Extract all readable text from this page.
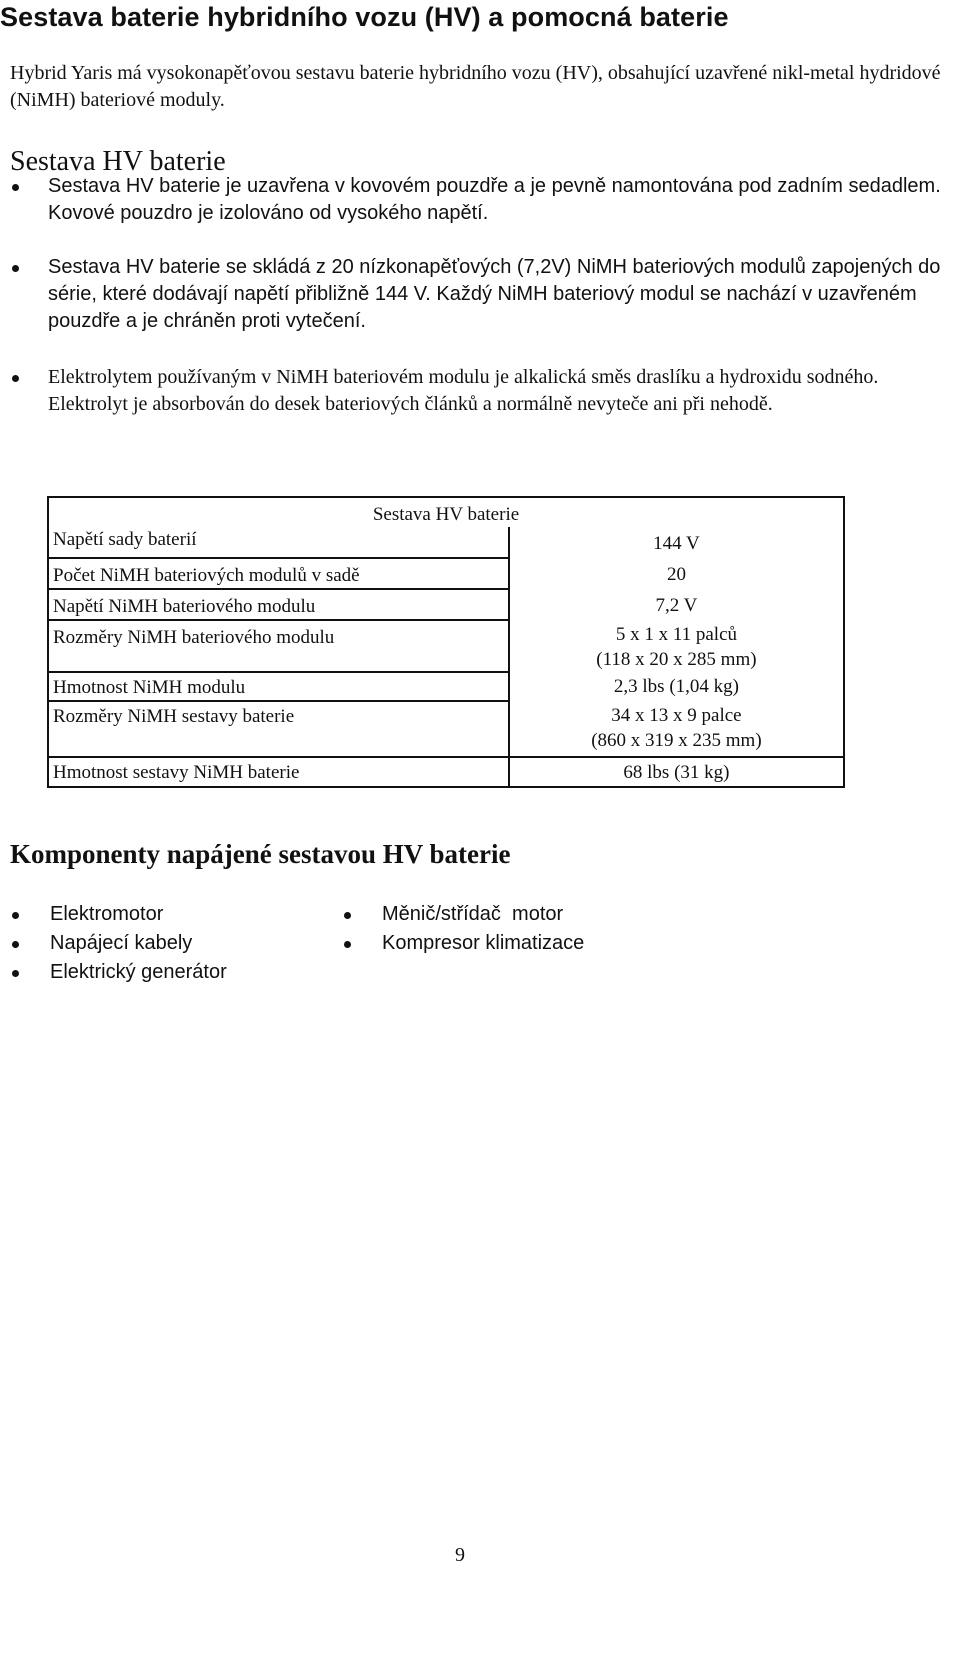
Sestava baterie hybridního vozu (HV) a pomocná baterie

Hybrid Yaris má vysokonapěťovou sestavu baterie hybridního vozu (HV), obsahující uzavřené nikl-metal hydridové (NiMH) bateriové moduly.

Sestava HV baterie
Sestava HV baterie je uzavřena v kovovém pouzdře a je pevně namontována pod zadním sedadlem. Kovové pouzdro je izolováno od vysokého napětí.
Sestava HV baterie se skládá z 20 nízkonapěťových (7,2V) NiMH bateriových modulů zapojených do série, které dodávají napětí přibližně 144 V. Každý NiMH bateriový modul se nachází v uzavřeném pouzdře a je chráněn proti vytečení.
Elektrolytem používaným v NiMH bateriovém modulu je alkalická směs draslíku a hydroxidu sodného. Elektrolyt je absorbován do desek bateriových článků a normálně nevyteče ani při nehodě.
Sestava HV baterie	
Napětí sady baterií	144 V
Počet NiMH bateriových modulů v sadě	20
Napětí NiMH bateriového modulu	7,2 V
Rozměry NiMH bateriového modulu	5 x 1 x 11 palců
(118 x 20 x 285 mm)

Hmotnost NiMH modulu	2,3 lbs (1,04 kg)
Rozměry NiMH sestavy baterie	34 x 13 x 9 palce
(860 x 319 x 235 mm)

Hmotnost sestavy NiMH baterie	68 lbs (31 kg)
Komponenty napájené sestavou HV baterie
Elektromotor
Napájecí kabely
Elektrický generátor
Měnič/střídač  motor
Kompresor klimatizace

9
